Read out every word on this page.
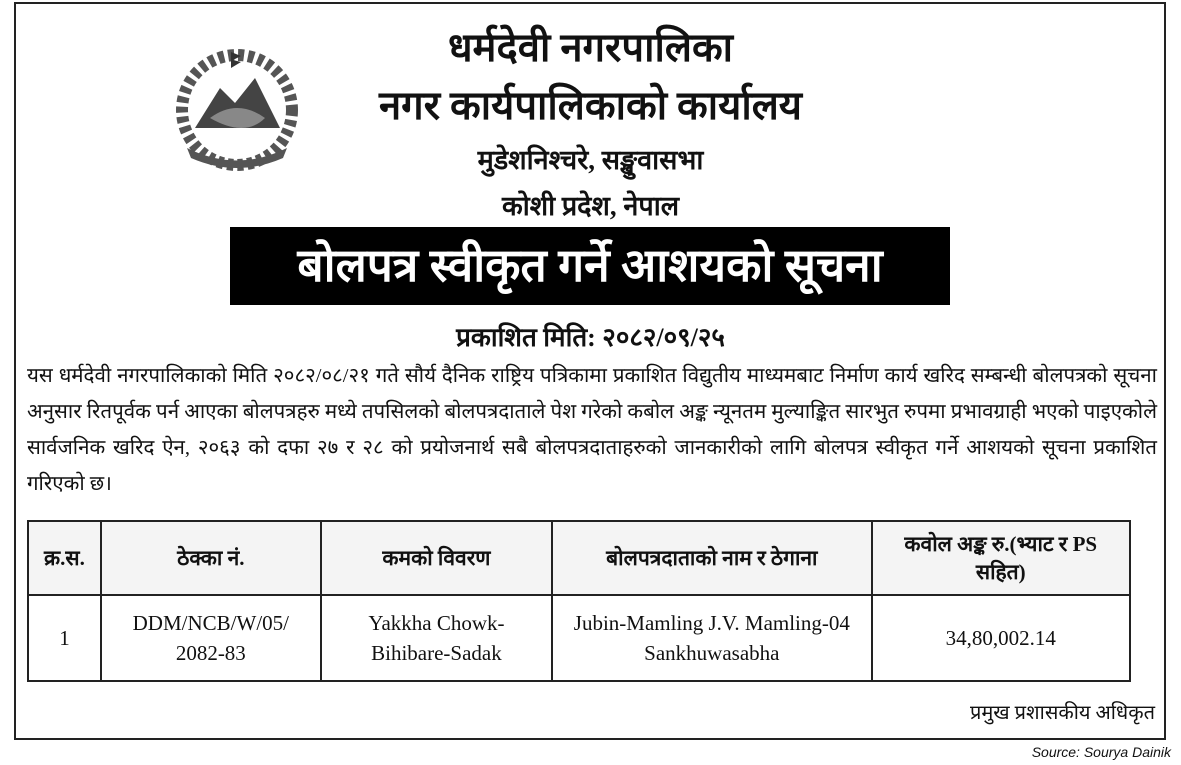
धर्मदेवी नगरपालिका
नगर कार्यपालिकाको कार्यालय
मुडेशनिश्चरे, सङ्खुवासभा
कोशी प्रदेश, नेपाल
बोलपत्र स्वीकृत गर्ने आशयको सूचना
प्रकाशित मिति: २०८२/०९/२५
यस धर्मदेवी नगरपालिकाको मिति २०८२/०८/२१ गते सौर्य दैनिक राष्ट्रिय पत्रिकामा प्रकाशित विद्युतीय माध्यमबाट निर्माण कार्य खरिद सम्बन्धी बोलपत्रको सूचना अनुसार रितपूर्वक पर्न आएका बोलपत्रहरु मध्ये तपसिलको बोलपत्रदाताले पेश गरेको कबोल अङ्क न्यूनतम मुल्याङ्कित सारभुत रुपमा प्रभावग्राही भएको पाइएकोले सार्वजनिक खरिद ऐन, २०६३ को दफा २७ र २८ को प्रयोजनार्थ सबै बोलपत्रदाताहरुको जानकारीको लागि बोलपत्र स्वीकृत गर्ने आशयको सूचना प्रकाशित गरिएको छ।
क्र.स.	ठेक्का नं.	कमको विवरण	बोलपत्रदाताको नाम र ठेगाना	कवोल अङ्क रु.(भ्याट र PS सहित)
1	DDM/NCB/W/05/ 2082-83	Yakkha Chowk- Bihibare-Sadak	Jubin-Mamling J.V. Mamling-04 Sankhuwasabha	34,80,002.14
प्रमुख प्रशासकीय अधिकृत
Source: Sourya Dainik
